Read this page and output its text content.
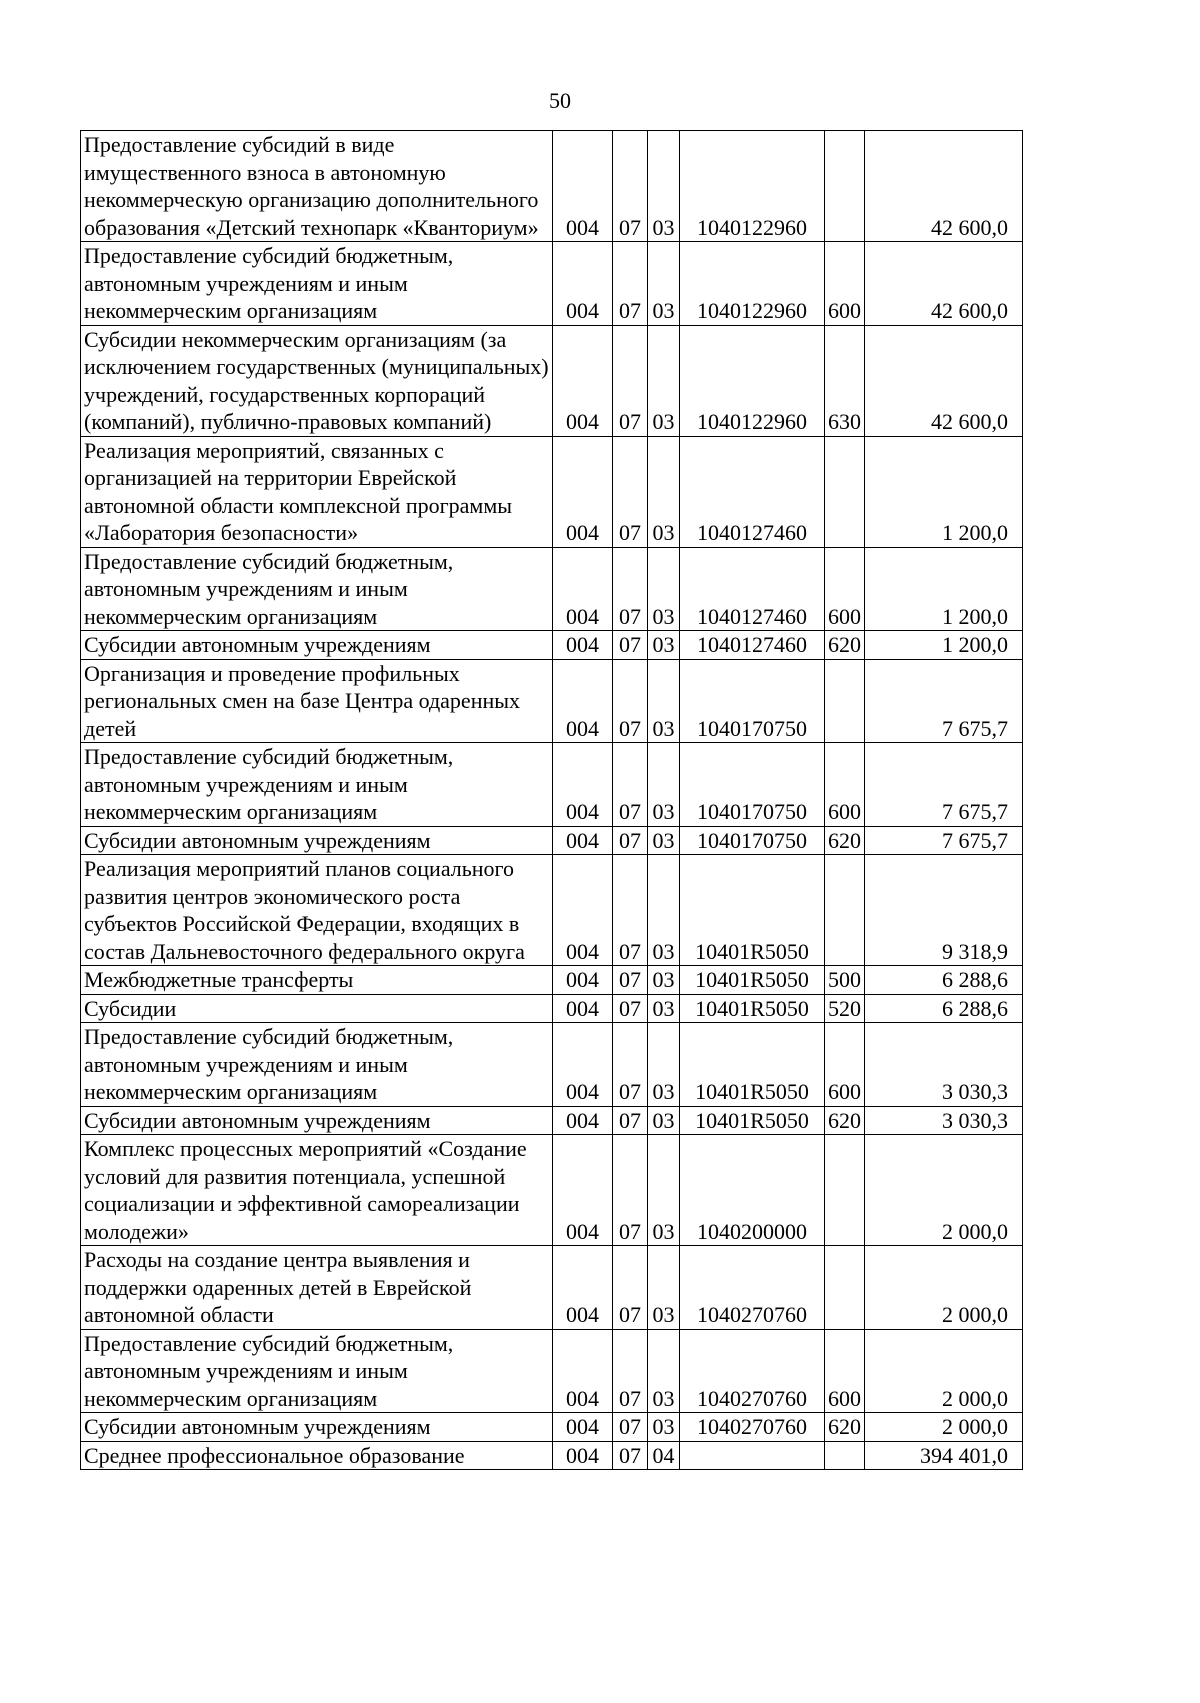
50
Предоставление субсидий в виде имущественного взноса в автономную некоммерческую организацию дополнительного образования «Детский технопарк «Кванториум»	004	07	03	1040122960		42 600,0
Предоставление субсидий бюджетным, автономным учреждениям и иным некоммерческим организациям	004	07	03	1040122960	600	42 600,0
Субсидии некоммерческим организациям (за исключением государственных (муниципальных) учреждений, государственных корпораций (компаний), публично-правовых компаний)	004	07	03	1040122960	630	42 600,0
Реализация мероприятий, связанных с организацией на территории Еврейской автономной области комплексной программы «Лаборатория безопасности»	004	07	03	1040127460		1 200,0
Предоставление субсидий бюджетным, автономным учреждениям и иным некоммерческим организациям	004	07	03	1040127460	600	1 200,0
Субсидии автономным учреждениям	004	07	03	1040127460	620	1 200,0
Организация и проведение профильных региональных смен на базе Центра одаренных детей	004	07	03	1040170750		7 675,7
Предоставление субсидий бюджетным, автономным учреждениям и иным некоммерческим организациям	004	07	03	1040170750	600	7 675,7
Субсидии автономным учреждениям	004	07	03	1040170750	620	7 675,7
Реализация мероприятий планов социального развития центров экономического роста субъектов Российской Федерации, входящих в состав Дальневосточного федерального округа	004	07	03	10401R5050		9 318,9
Межбюджетные трансферты	004	07	03	10401R5050	500	6 288,6
Субсидии	004	07	03	10401R5050	520	6 288,6
Предоставление субсидий бюджетным, автономным учреждениям и иным некоммерческим организациям	004	07	03	10401R5050	600	3 030,3
Субсидии автономным учреждениям	004	07	03	10401R5050	620	3 030,3
Комплекс процессных мероприятий «Создание условий для развития потенциала, успешной социализации и эффективной самореализации молодежи»	004	07	03	1040200000		2 000,0
Расходы на создание центра выявления и поддержки одаренных детей в Еврейской автономной области	004	07	03	1040270760		2 000,0
Предоставление субсидий бюджетным, автономным учреждениям и иным некоммерческим организациям	004	07	03	1040270760	600	2 000,0
Субсидии автономным учреждениям	004	07	03	1040270760	620	2 000,0
Среднее профессиональное образование	004	07	04			394 401,0
